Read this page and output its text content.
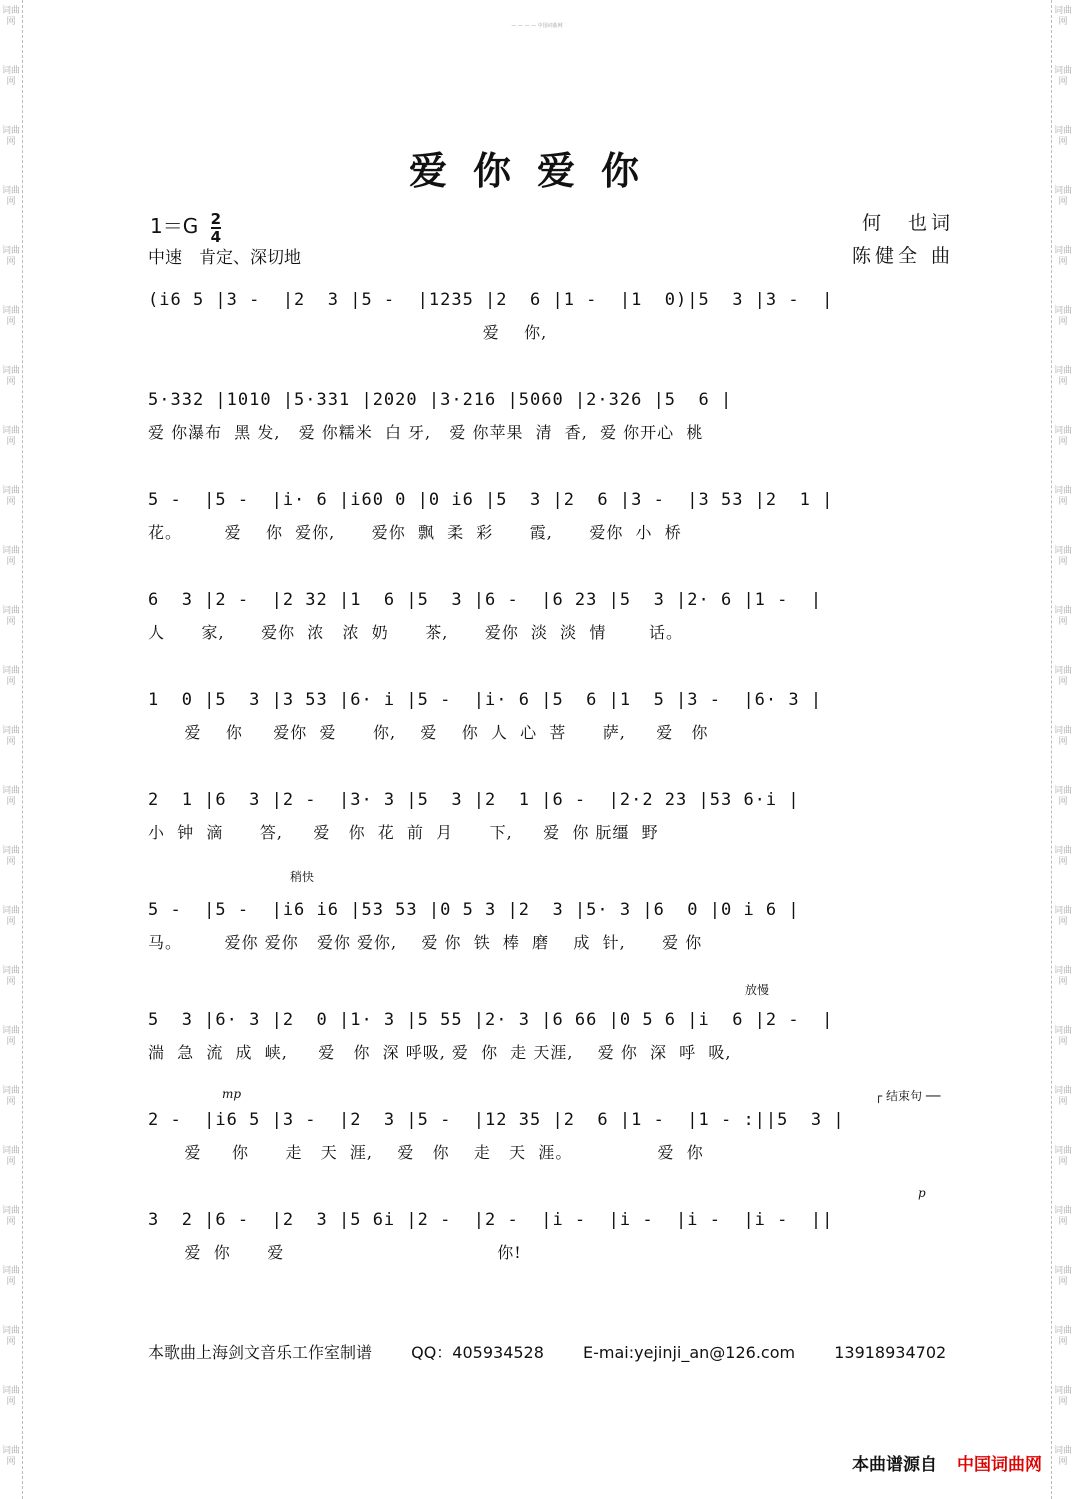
— — — — 中国词曲网
爱你爱你
$1=G \frac{2}{4}$
中速　肯定、深切地
何　也词
陈健全 曲
(i6 5 |3 -  |2  3 |5 -  |1235 |2  6 |1 -  |1  0)|5  3 |3 -  |
爱    你,
5·332 |1010 |5·331 |2020 |3·216 |5060 |2·326 |5  6 |
爱 你瀑布  黑 发,   爱 你糯米  白 牙,   爱 你苹果  清  香,  爱 你开心  桃
5 -  |5 -  |i· 6 |i60 0 |0 i6 |5  3 |2  6 |3 -  |3 53 |2  1 |
花。       爱    你  爱你,      爱你  飘  柔  彩      霞,      爱你  小  桥
6  3 |2 -  |2 32 |1  6 |5  3 |6 -  |6 23 |5  3 |2· 6 |1 -  |
人      家,      爱你  浓   浓  奶      茶,      爱你  淡  淡  情       话。
1  0 |5  3 |3 53 |6· i |5 -  |i· 6 |5  6 |1  5 |3 -  |6· 3 |
爱    你     爱你  爱      你,    爱    你  人  心  菩      萨,     爱   你
2  1 |6  3 |2 -  |3· 3 |5  3 |2  1 |6 -  |2·2 23 |53 6·i |
小  钟  滴      答,     爱   你  花  前  月      下,     爱  你 朊缰  野
稍快
5 -  |5 -  |i6 i6 |53 53 |0 5 3 |2  3 |5· 3 |6  0 |0 i 6 |
马。       爱你 爱你   爱你 爱你,    爱 你  铁  棒  磨    成  针,      爱 你
放慢
5  3 |6· 3 |2  0 |1· 3 |5 55 |2· 3 |6 66 |0 5 6 |i  6 |2 -  |
湍  急  流  成  峡,     爱   你  深 呼吸, 爱  你  走 天涯,    爱 你  深  呼  吸,
mp	┌ 结束句 ──
2 -  |i6 5 |3 -  |2  3 |5 -  |12 35 |2  6 |1 -  |1 - :||5  3 |
爱     你      走   天  涯,    爱   你    走   天  涯。              爱  你
p
3  2 |6 -  |2  3 |5 6i |2 -  |2 -  |i -  |i -  |i -  |i -  ||
爱  你      爱                                   你!
本歌曲上海剑文音乐工作室制谱 QQ：405934528 E-mai:yejinji_an@126.com 13918934702
本曲谱源自 中国词曲网
词曲网
词曲网
词曲网
词曲网
词曲网
词曲网
词曲网
词曲网
词曲网
词曲网
词曲网
词曲网
词曲网
词曲网
词曲网
词曲网
词曲网
词曲网
词曲网
词曲网
词曲网
词曲网
词曲网
词曲网
词曲网
词曲网
词曲网
词曲网
词曲网
词曲网
词曲网
词曲网
词曲网
词曲网
词曲网
词曲网
词曲网
词曲网
词曲网
词曲网
词曲网
词曲网
词曲网
词曲网
词曲网
词曲网
词曲网
词曲网
词曲网
词曲网
